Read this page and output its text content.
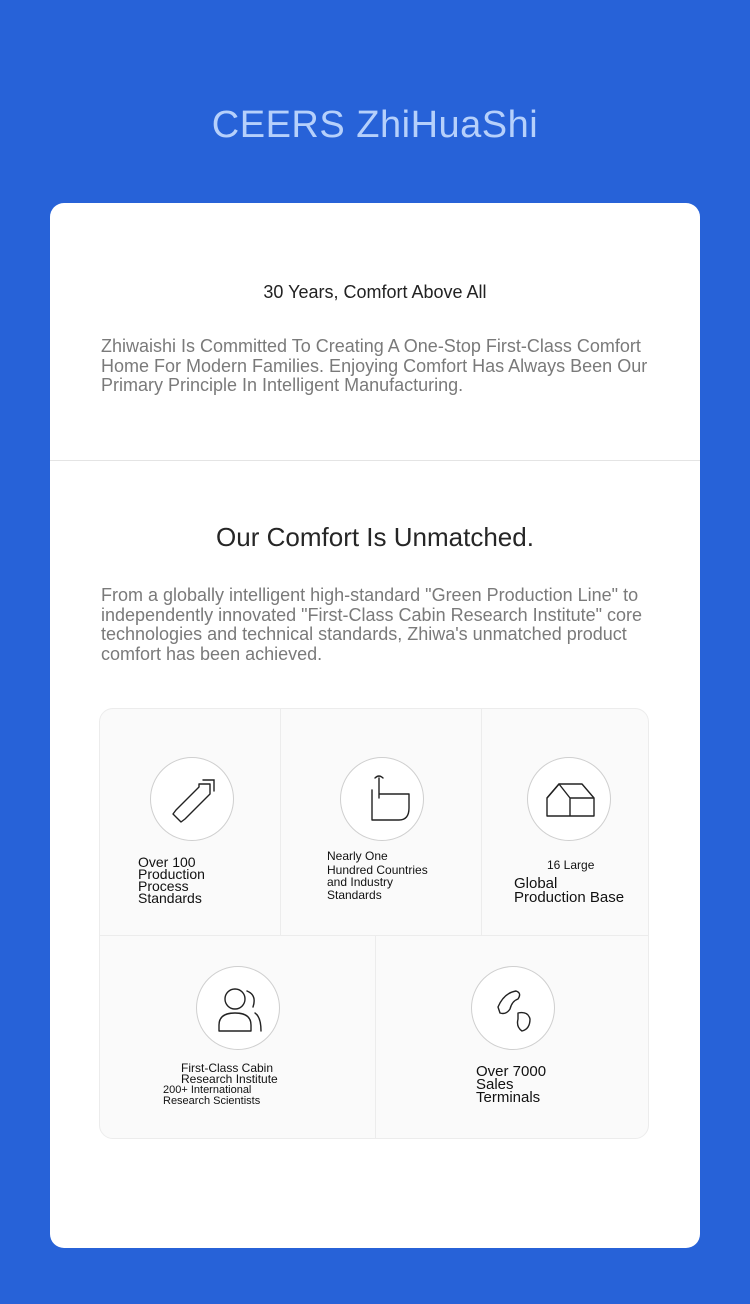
CEERS ZhiHuaShi
30 Years, Comfort Above All
Zhiwaishi Is Committed To Creating A One-Stop First-Class Comfort Home For Modern Families. Enjoying Comfort Has Always Been Our Primary Principle In Intelligent Manufacturing.
Our Comfort Is Unmatched.
From a globally intelligent high-standard "Green Production Line" to independently innovated "First-Class Cabin Research Institute" core technologies and technical standards, Zhiwa's unmatched product comfort has been achieved.
Over 100
Production
Process
Standards
Nearly One
Hundred Countries
and Industry
Standards
16 Large
Global
Production Base
First-Class Cabin
Research Institute
200+ International
Research Scientists
Over 7000
Sales
Terminals
